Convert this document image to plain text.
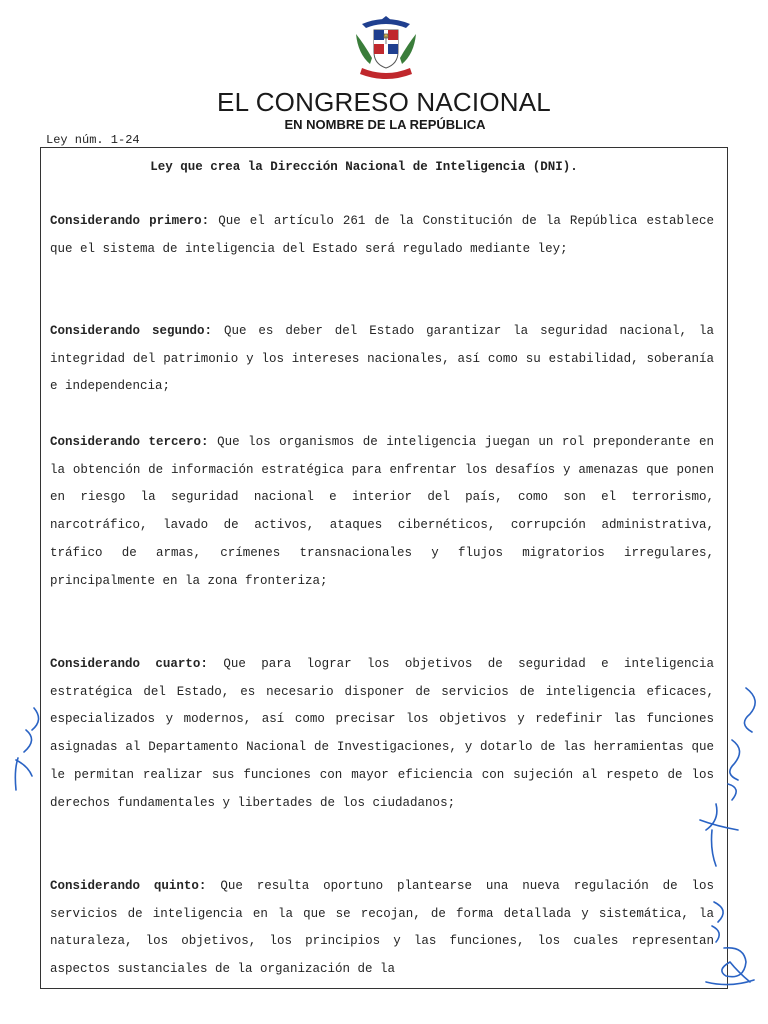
EL CONGRESO NACIONAL
EN NOMBRE DE LA REPÚBLICA
Ley núm. 1-24
Ley que crea la Dirección Nacional de Inteligencia (DNI).

Considerando primero: Que el artículo 261 de la Constitución de la República establece que el sistema de inteligencia del Estado será regulado mediante ley;

Considerando segundo: Que es deber del Estado garantizar la seguridad nacional, la integridad del patrimonio y los intereses nacionales, así como su estabilidad, soberanía e independencia;

Considerando tercero: Que los organismos de inteligencia juegan un rol preponderante en la obtención de información estratégica para enfrentar los desafíos y amenazas que ponen en riesgo la seguridad nacional e interior del país, como son el terrorismo, narcotráfico, lavado de activos, ataques cibernéticos, corrupción administrativa, tráfico de armas, crímenes transnacionales y flujos migratorios irregulares, principalmente en la zona fronteriza;

Considerando cuarto: Que para lograr los objetivos de seguridad e inteligencia estratégica del Estado, es necesario disponer de servicios de inteligencia eficaces, especializados y modernos, así como precisar los objetivos y redefinir las funciones asignadas al Departamento Nacional de Investigaciones, y dotarlo de las herramientas que le permitan realizar sus funciones con mayor eficiencia con sujeción al respeto de los derechos fundamentales y libertades de los ciudadanos;

Considerando quinto: Que resulta oportuno plantearse una nueva regulación de los servicios de inteligencia en la que se recojan, de forma detallada y sistemática, la naturaleza, los objetivos, los principios y las funciones, los cuales representan aspectos sustanciales de la organización de la
